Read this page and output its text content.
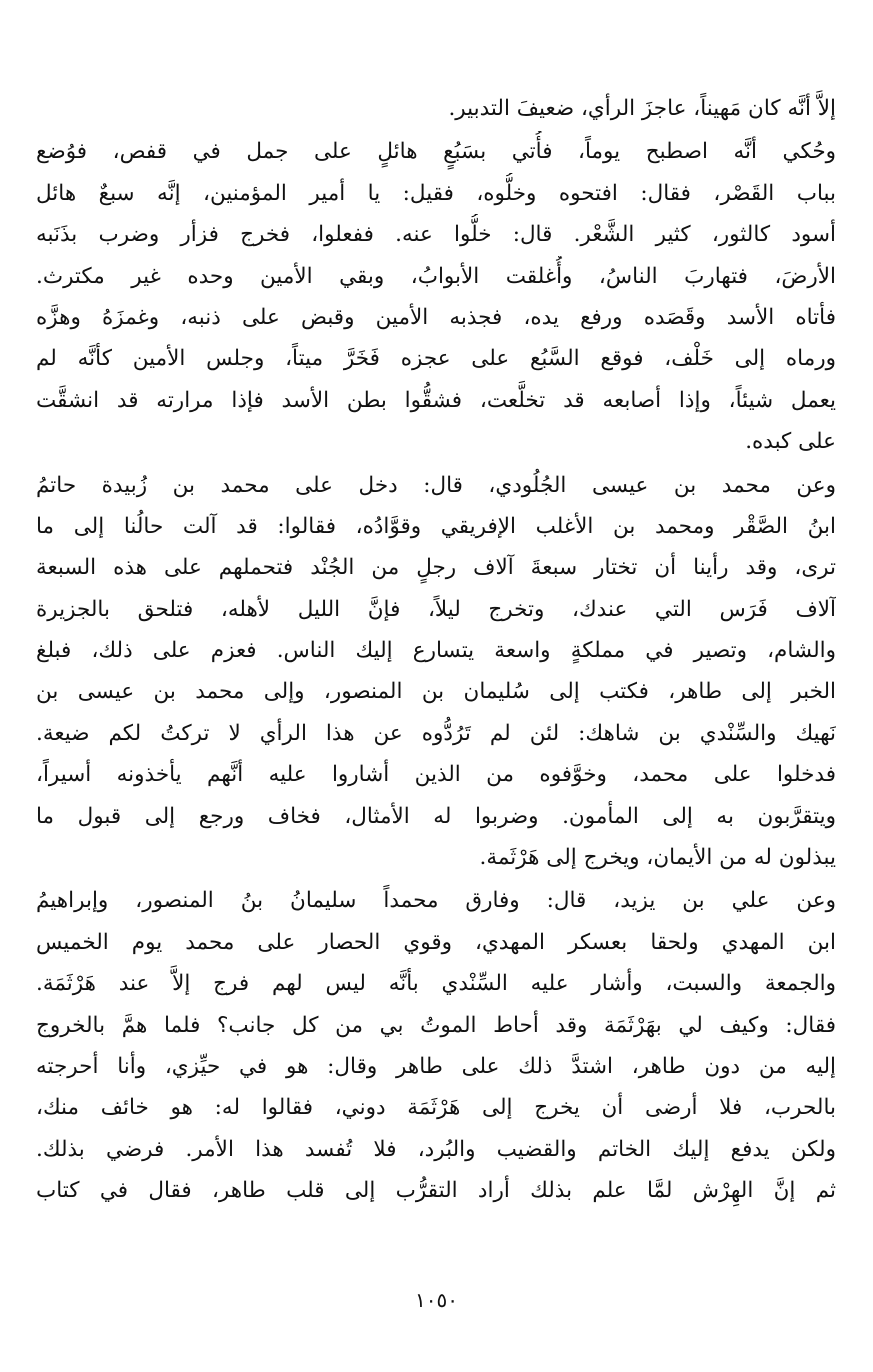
إلاَّ أنَّه كان مَهيناً، عاجزَ الرأي، ضعيفَ التدبير.
وحُكي أنَّه اصطبح يوماً، فأُتي بسَبُعٍ هائلٍ على جمل في قفص، فوُضع
بباب القَصْر، فقال: افتحوه وخلُّوه، فقيل: يا أمير المؤمنين، إنَّه سبعٌ هائل
أسود كالثور، كثير الشَّعْر. قال: خلُّوا عنه. ففعلوا، فخرج فزأر وضرب بذَنَبه
الأرضَ، فتهاربَ الناسُ، وأُغلقت الأبوابُ، وبقي الأمين وحده غير مكترث.
فأتاه الأسد وقَصَده ورفع يده، فجذبه الأمين وقبض على ذنبه، وغمزَهُ وهزَّه
ورماه إلى خَلْف، فوقع السَّبُع على عجزه فَخَرَّ ميتاً، وجلس الأمين كأنَّه لم
يعمل شيئاً، وإذا أصابعه قد تخلَّعت، فشقُّوا بطن الأسد فإذا مرارته قد انشقَّت
على كبده.
وعن محمد بن عيسى الجُلُودي، قال: دخل على محمد بن زُبيدة حاتمُ
ابنُ الصَّقْر ومحمد بن الأغلب الإفريقي وقوَّادُه، فقالوا: قد آلت حالُنا إلى ما
ترى، وقد رأينا أن تختار سبعةَ آلاف رجلٍ من الجُنْد فتحملهم على هذه السبعة
آلاف فَرَس التي عندك، وتخرج ليلاً، فإنَّ الليل لأهله، فتلحق بالجزيرة
والشام، وتصير في مملكةٍ واسعة يتسارع إليك الناس. فعزم على ذلك، فبلغ
الخبر إلى طاهر، فكتب إلى سُليمان بن المنصور، وإلى محمد بن عيسى بن
نَهيك والسِّنْدي بن شاهك: لئن لم تَرُدُّوه عن هذا الرأي لا تركتُ لكم ضيعة.
فدخلوا على محمد، وخوَّفوه من الذين أشاروا عليه أنَّهم يأخذونه أسيراً،
ويتقرَّبون به إلى المأمون. وضربوا له الأمثال، فخاف ورجع إلى قبول ما
يبذلون له من الأيمان، ويخرج إلى هَرْثَمة.
وعن علي بن يزيد، قال: وفارق محمداً سليمانُ بنُ المنصور، وإبراهيمُ
ابن المهدي ولحقا بعسكر المهدي، وقوي الحصار على محمد يوم الخميس
والجمعة والسبت، وأشار عليه السِّنْدي بأنَّه ليس لهم فرج إلاَّ عند هَرْثَمَة.
فقال: وكيف لي بهَرْثَمَة وقد أحاط الموتُ بي من كل جانب؟ فلما همَّ بالخروج
إليه من دون طاهر، اشتدَّ ذلك على طاهر وقال: هو في حيِّزي، وأنا أحرجته
بالحرب، فلا أرضى أن يخرج إلى هَرْثَمَة دوني، فقالوا له: هو خائف منك،
ولكن يدفع إليك الخاتم والقضيب والبُرد، فلا تُفسد هذا الأمر. فرضي بذلك.
ثم إنَّ الهِرْش لمَّا علم بذلك أراد التقرُّب إلى قلب طاهر، فقال في كتاب
١٠٥٠
